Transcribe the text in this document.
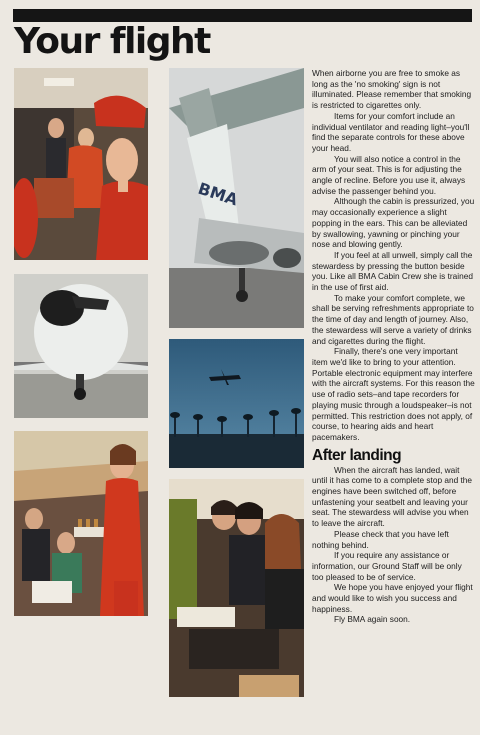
Your flight
BMA

When airborne you are free to smoke as long as the 'no smoking' sign is not illuminated. Please remember that smoking is restricted to cigarettes only.

Items for your comfort include an individual ventilator and reading light–you'll find the separate controls for these above your head.

You will also notice a control in the arm of your seat. This is for adjusting the angle of recline. Before you use it, always advise the passenger behind you.

Although the cabin is pressurized, you may occasionally experience a slight popping in the ears. This can be alleviated by swallowing, yawning or pinching your nose and blowing gently.

If you feel at all unwell, simply call the stewardess by pressing the button beside you. Like all BMA Cabin Crew she is trained in the use of first aid.

To make your comfort complete, we shall be serving refreshments appropriate to the time of day and length of journey. Also, the stewardess will serve a variety of drinks and cigarettes during the flight.

Finally, there's one very important item we'd like to bring to your attention. Portable electronic equipment may interfere with the aircraft systems. For this reason the use of radio sets–and tape recorders for playing music through a loudspeaker–is not permitted. This restriction does not apply, of course, to hearing aids and heart pacemakers.

After landing

When the aircraft has landed, wait until it has come to a complete stop and the engines have been switched off, before unfastening your seatbelt and leaving your seat. The stewardess will advise you when to leave the aircraft.

Please check that you have left nothing behind.

If you require any assistance or information, our Ground Staff will be only too pleased to be of service.

We hope you have enjoyed your flight and would like to wish you success and happiness.

Fly BMA again soon.
